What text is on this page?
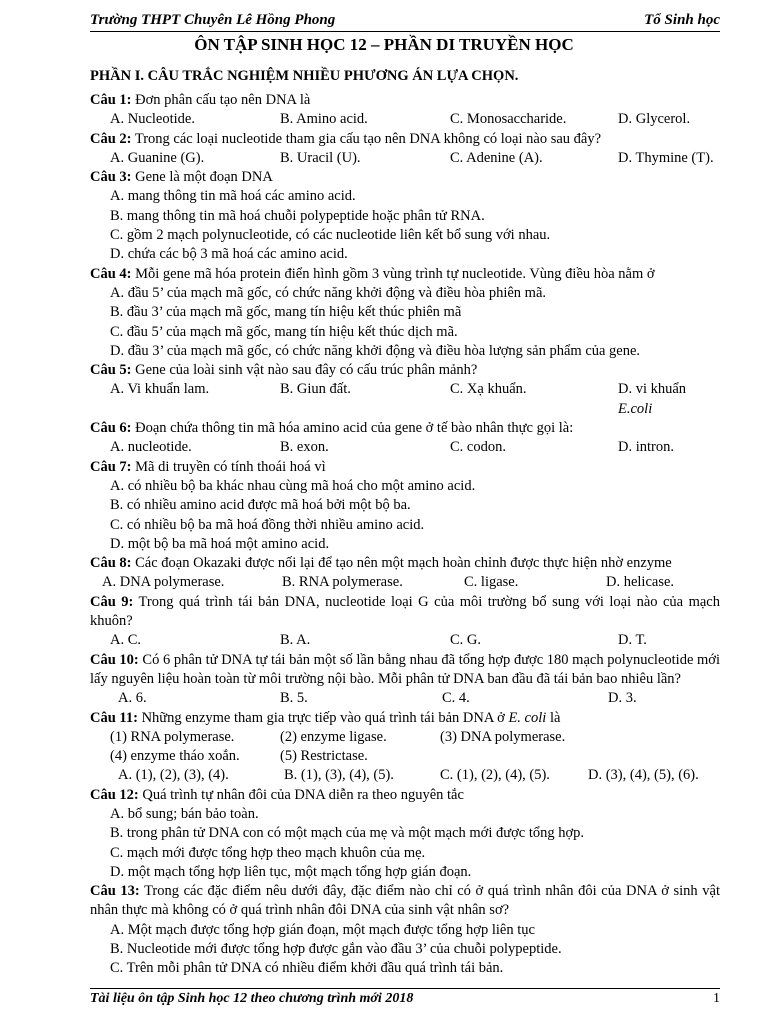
Trường THPT Chuyên Lê Hồng Phong	Tổ Sinh học
ÔN TẬP SINH HỌC 12 – PHẦN DI TRUYỀN HỌC
PHẦN I. CÂU TRẮC NGHIỆM NHIỀU PHƯƠNG ÁN LỰA CHỌN.

Câu 1: Đơn phân cấu tạo nên DNA là

A. Nucleotide.	B. Amino acid.	C. Monosaccharide.	D. Glycerol.

Câu 2: Trong các loại nucleotide tham gia cấu tạo nên DNA không có loại nào sau đây?

A. Guanine (G).	B. Uracil (U).	C. Adenine (A).	D. Thymine (T).

Câu 3: Gene là một đoạn DNA

A. mang thông tin mã hoá các amino acid.

B. mang thông tin mã hoá chuỗi polypeptide hoặc phân tử RNA.

C. gồm 2 mạch polynucleotide, có các nucleotide liên kết bổ sung với nhau.

D. chứa các bộ 3 mã hoá các amino acid.

Câu 4: Mỗi gene mã hóa protein điển hình gồm 3 vùng trình tự nucleotide. Vùng điều hòa nằm ở

A. đầu 5’ của mạch mã gốc, có chức năng khởi động và điều hòa phiên mã.

B. đầu 3’ của mạch mã gốc, mang tín hiệu kết thúc phiên mã

C. đầu 5’ của mạch mã gốc, mang tín hiệu kết thúc dịch mã.

D. đầu 3’ của mạch mã gốc, có chức năng khởi động và điều hòa lượng sản phẩm của gene.

Câu 5: Gene của loài sinh vật nào sau đây có cấu trúc phân mảnh?

A. Vi khuẩn lam.	B. Giun đất.	C. Xạ khuẩn.	D. vi khuẩn
E.coli

Câu 6: Đoạn chứa thông tin mã hóa amino acid của gene ở tế bào nhân thực gọi là:

A. nucleotide.	B. exon.	C. codon.	D. intron.

Câu 7: Mã di truyền có tính thoái hoá vì

A. có nhiều bộ ba khác nhau cùng mã hoá cho một amino acid.

B. có nhiều amino acid được mã hoá bởi một bộ ba.

C. có nhiều bộ ba mã hoá đồng thời nhiều amino acid.

D. một bộ ba mã hoá một amino acid.

Câu 8: Các đoạn Okazaki được nối lại để tạo nên một mạch hoàn chỉnh được thực hiện nhờ enzyme

A. DNA polymerase.	B. RNA polymerase.	C. ligase.	D. helicase.

Câu 9: Trong quá trình tái bản DNA, nucleotide loại G của môi trường bổ sung với loại nào của mạch khuôn?

A. C.	B. A.	C. G.	D. T.

Câu 10: Có 6 phân tử DNA tự tái bản một số lần bằng nhau đã tổng hợp được 180 mạch polynucleotide mới lấy nguyên liệu hoàn toàn từ môi trường nội bào. Mỗi phân tử DNA ban đầu đã tái bản bao nhiêu lần?

A. 6.	B. 5.	C. 4.	D. 3.

Câu 11: Những enzyme tham gia trực tiếp vào quá trình tái bản DNA ở E. coli là

(1) RNA polymerase.	(2) enzyme ligase.	(3) DNA polymerase.
(4) enzyme tháo xoắn.	(5) Restrictase.
A. (1), (2), (3), (4).	B. (1), (3), (4), (5).	C. (1), (2), (4), (5).	D. (3), (4), (5), (6).

Câu 12: Quá trình tự nhân đôi của DNA diễn ra theo nguyên tắc

A. bổ sung; bán bảo toàn.

B. trong phân tử DNA con có một mạch của mẹ và một mạch mới được tổng hợp.

C. mạch mới được tổng hợp theo mạch khuôn của mẹ.

D. một mạch tổng hợp liên tục, một mạch tổng hợp gián đoạn.

Câu 13: Trong các đặc điểm nêu dưới đây, đặc điểm nào chỉ có ở quá trình nhân đôi của DNA ở sinh vật nhân thực mà không có ở quá trình nhân đôi DNA của sinh vật nhân sơ?

A. Một mạch được tổng hợp gián đoạn, một mạch được tổng hợp liên tục

B. Nucleotide mới được tổng hợp được gắn vào đầu 3’ của chuỗi polypeptide.

C. Trên mỗi phân tử DNA có nhiều điểm khởi đầu quá trình tái bản.

Tài liệu ôn tập Sinh học 12 theo chương trình mới 2018	1
